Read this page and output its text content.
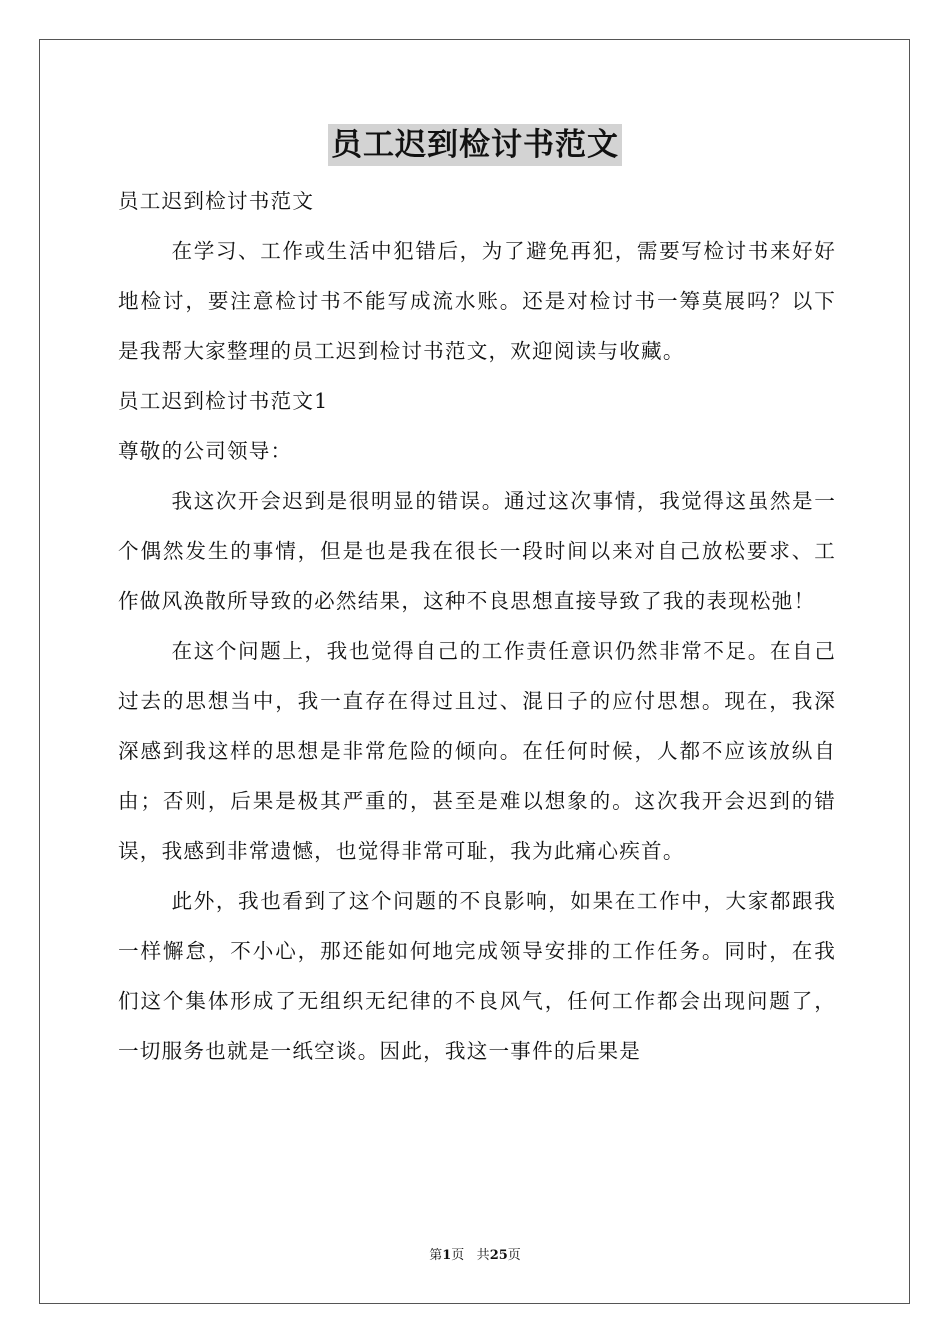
员工迟到检讨书范文

员工迟到检讨书范文

在学习、工作或生活中犯错后，为了避免再犯，需要写检讨书来好好地检讨，要注意检讨书不能写成流水账。还是对检讨书一筹莫展吗？以下是我帮大家整理的员工迟到检讨书范文，欢迎阅读与收藏。

员工迟到检讨书范文1

尊敬的公司领导：

我这次开会迟到是很明显的错误。通过这次事情，我觉得这虽然是一个偶然发生的事情，但是也是我在很长一段时间以来对自己放松要求、工作做风涣散所导致的必然结果，这种不良思想直接导致了我的表现松弛！

在这个问题上，我也觉得自己的工作责任意识仍然非常不足。在自己过去的思想当中，我一直存在得过且过、混日子的应付思想。现在，我深深感到我这样的思想是非常危险的倾向。在任何时候，人都不应该放纵自由；否则，后果是极其严重的，甚至是难以想象的。这次我开会迟到的错误，我感到非常遗憾，也觉得非常可耻，我为此痛心疾首。

此外，我也看到了这个问题的不良影响，如果在工作中，大家都跟我一样懈怠，不小心，那还能如何地完成领导安排的工作任务。同时，在我们这个集体形成了无组织无纪律的不良风气，任何工作都会出现问题了，一切服务也就是一纸空谈。因此，我这一事件的后果是

第1页 共25页
